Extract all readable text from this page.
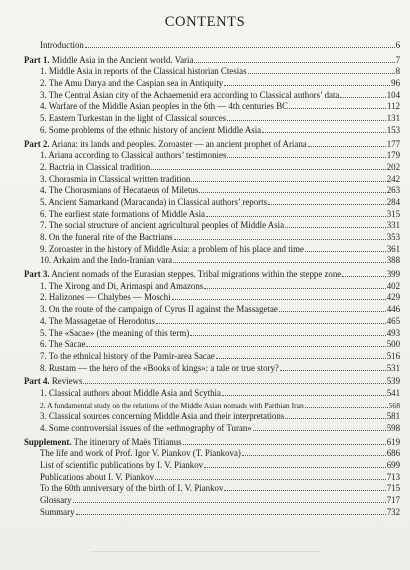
CONTENTS
Introduction	6
Part 1. Middle Asia in the Ancient world. Varia	7
1. Middle Asia in reports of the Classical historian Ctesias	8
2. The Amu Darya and the Caspian sea in Antiquity	96
3. The Central Asian city of the Achaemenid era according to Classical authors’ data	104
4. Warfare of the Middle Asian peoples in the 6th — 4th centuries BC	112
5. Eastern Turkestan in the light of Classical sources	131
6. Some problems of the ethnic history of ancient Middle Asia	153
Part 2. Ariana: its lands and peoples. Zoroaster — an ancient prophet of Ariana	177
1. Ariana according to Classical authors’ testimonies	179
2. Bactria in Classical tradition	202
3. Chorasmia in Classical written tradition	242
4. The Chorasmians of Hecataeus of Miletus	263
5. Ancient Samarkand (Maracanda) in Classical authors’ reports	284
6. The earliest state formations of Middle Asia	315
7. The social structure of ancient agricultural peoples of Middle Asia	331
8. On the funeral rite of the Bactrians	353
9. Zoroaster in the history of Middle Asia: a problem of his place and time	361
10. Arkaim and the Indo-Iranian vara	388
Part 3. Ancient nomads of the Eurasian steppes. Tribal migrations within the steppe zone	399
1. The Xirong and Di, Arimaspi and Amazons	402
2. Halizones — Chalybes — Moschi	429
3. On the route of the campaign of Cyrus II against the Massagetae	446
4. The Massagetae of Herodotus	465
5. The «Sacae» (the meaning of this term)	493
6. The Sacae	500
7. To the ethnical history of the Pamir-area Sacae	516
8. Rustam — the hero of the «Books of kings»: a tale or true story?	531
Part 4. Reviews	539
1. Classical authors about Middle Asia and Scythia	541
2. A fundamental study on the relations of the Middle Asian nomads with Parthian Iran	568
3. Classical sources concerning Middle Asia and their interpretations	581
4. Some controversial issues of the «ethnography of Turan»	598
Supplement. The itinerary of Maës Titianus	619
The life and work of Prof. Igor V. Piankov (T. Piankova)	686
List of scientific publications by I. V. Piankov	699
Publications about I. V. Piankov	713
To the 60th anniversary of the birth of I. V. Piankov	715
Glossary	717
Summary	732
